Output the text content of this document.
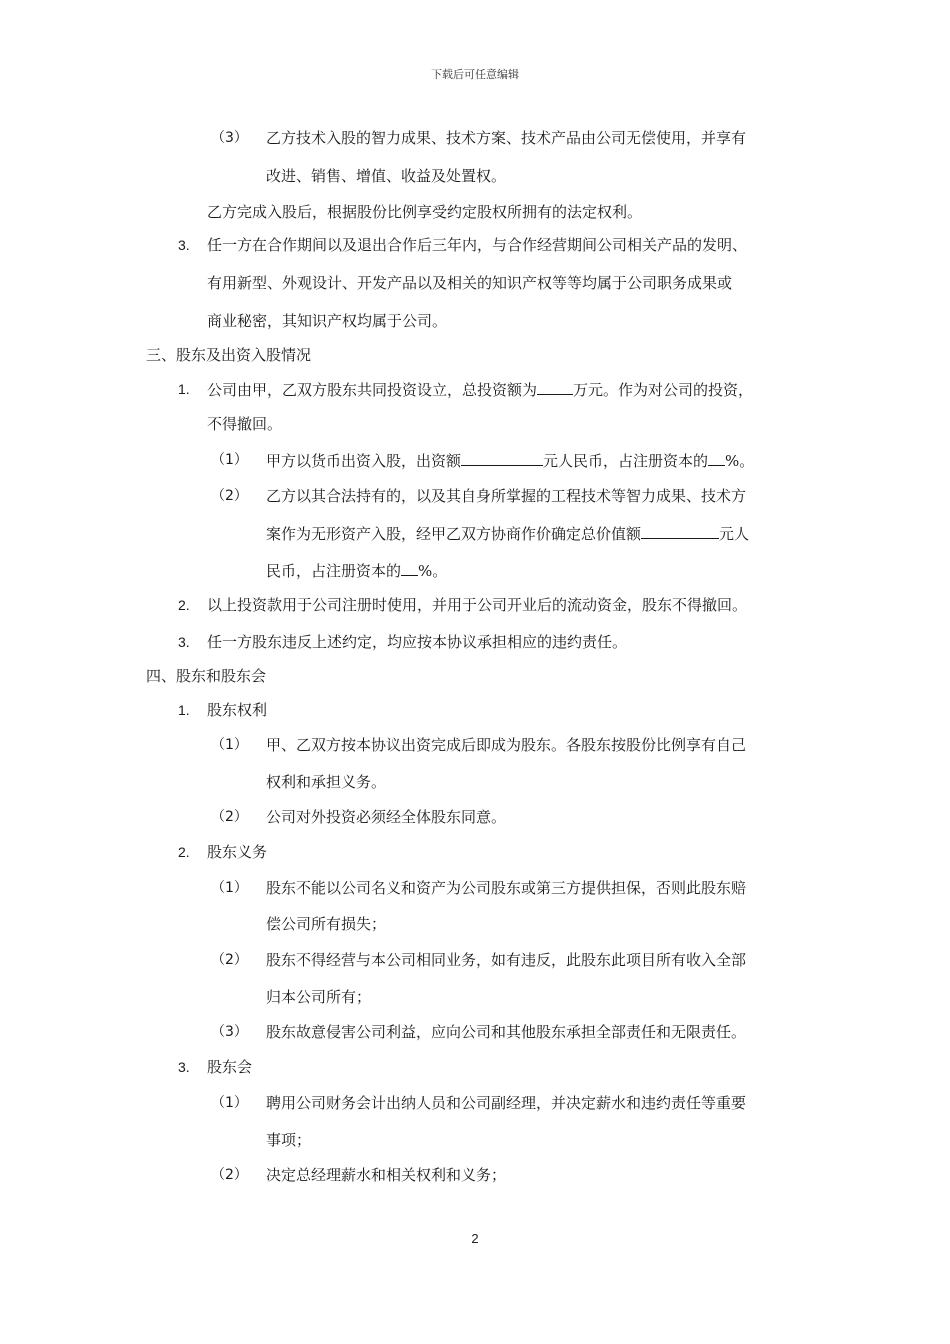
下载后可任意编辑
（3） 乙方技术入股的智力成果、技术方案、技术产品由公司无偿使用，并享有
改进、销售、增值、收益及处置权。
乙方完成入股后，根据股份比例享受约定股权所拥有的法定权利。
3. 任一方在合作期间以及退出合作后三年内，与合作经营期间公司相关产品的发明、
有用新型、外观设计、开发产品以及相关的知识产权等等均属于公司职务成果或
商业秘密，其知识产权均属于公司。
三、股东及出资入股情况
1. 公司由甲，乙双方股东共同投资设立，总投资额为 万元。作为对公司的投资，
不得撤回。
（1） 甲方以货币出资入股，出资额	元人民币，占注册资本的 %。
（2） 乙方以其合法持有的，以及其自身所掌握的工程技术等智力成果、技术方
案作为无形资产入股，经甲乙双方协商作价确定总价值额	元人
民币，占注册资本的 %。
2. 以上投资款用于公司注册时使用，并用于公司开业后的流动资金，股东不得撤回。
3. 任一方股东违反上述约定，均应按本协议承担相应的违约责任。
四、股东和股东会
1. 股东权利
（1） 甲、乙双方按本协议出资完成后即成为股东。各股东按股份比例享有自己
权利和承担义务。
（2） 公司对外投资必须经全体股东同意。
2. 股东义务
（1） 股东不能以公司名义和资产为公司股东或第三方提供担保，否则此股东赔
偿公司所有损失；
（2） 股东不得经营与本公司相同业务，如有违反，此股东此项目所有收入全部
归本公司所有；
（3） 股东故意侵害公司利益，应向公司和其他股东承担全部责任和无限责任。
3. 股东会
（1） 聘用公司财务会计出纳人员和公司副经理，并决定薪水和违约责任等重要
事项；
（2） 决定总经理薪水和相关权利和义务；
2
